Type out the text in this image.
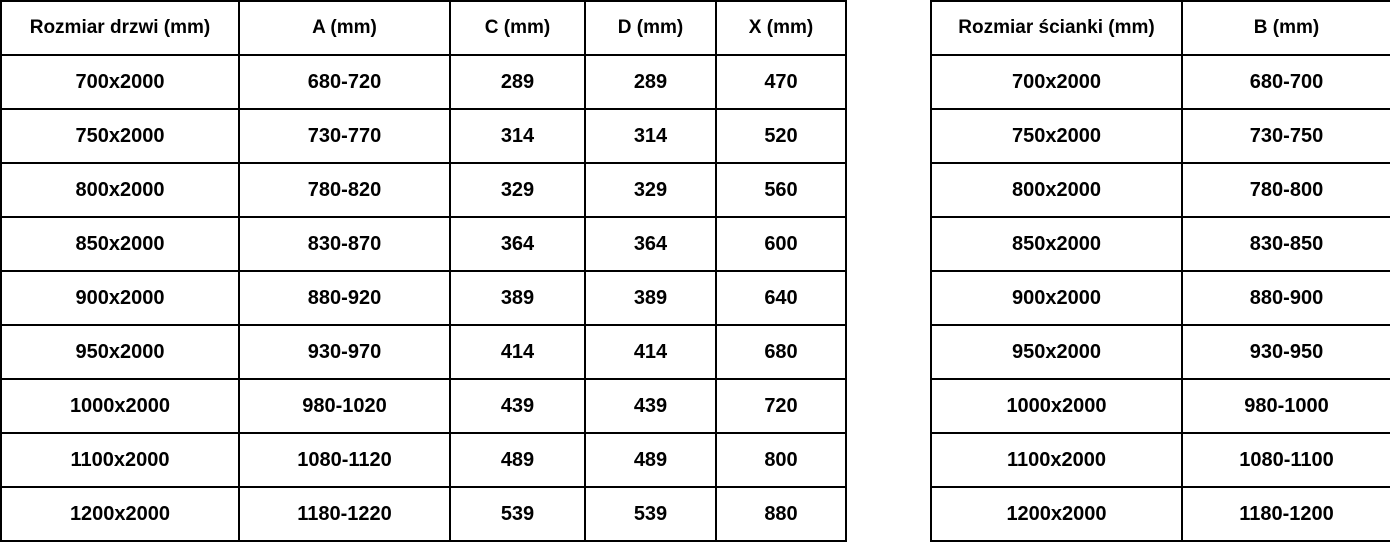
Rozmiar drzwi (mm)	A (mm)	C (mm)	D (mm)	X (mm)
700x2000	680-720	289	289	470
750x2000	730-770	314	314	520
800x2000	780-820	329	329	560
850x2000	830-870	364	364	600
900x2000	880-920	389	389	640
950x2000	930-970	414	414	680
1000x2000	980-1020	439	439	720
1100x2000	1080-1120	489	489	800
1200x2000	1180-1220	539	539	880
Rozmiar ścianki (mm)	B (mm)
700x2000	680-700
750x2000	730-750
800x2000	780-800
850x2000	830-850
900x2000	880-900
950x2000	930-950
1000x2000	980-1000
1100x2000	1080-1100
1200x2000	1180-1200
